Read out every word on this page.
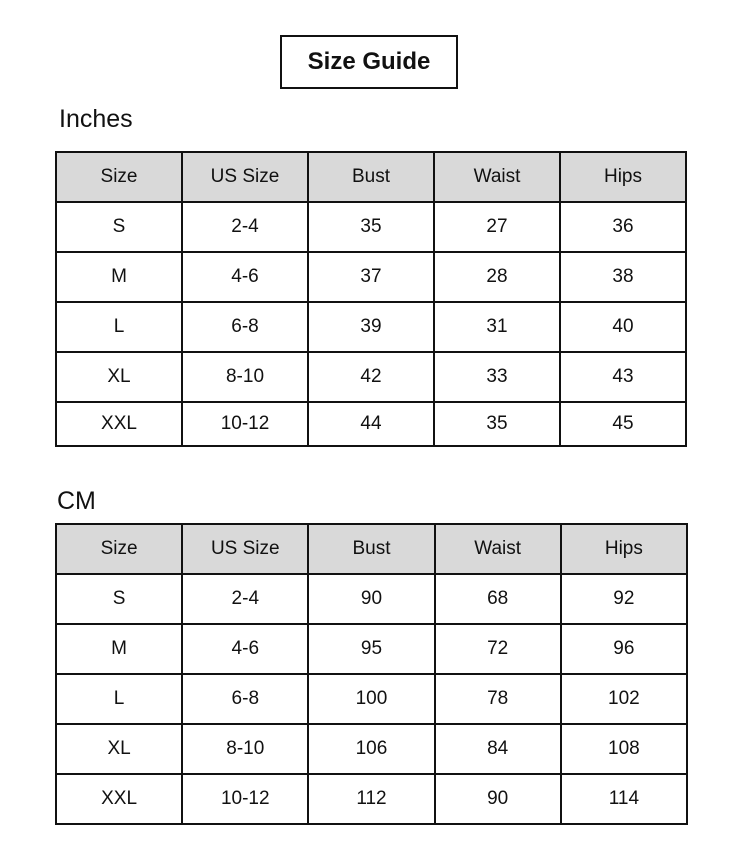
Size Guide
Inches
Size	US Size	Bust	Waist	Hips
S	2-4	35	27	36
M	4-6	37	28	38
L	6-8	39	31	40
XL	8-10	42	33	43
XXL	10-12	44	35	45
CM
Size	US Size	Bust	Waist	Hips
S	2-4	90	68	92
M	4-6	95	72	96
L	6-8	100	78	102
XL	8-10	106	84	108
XXL	10-12	112	90	114
